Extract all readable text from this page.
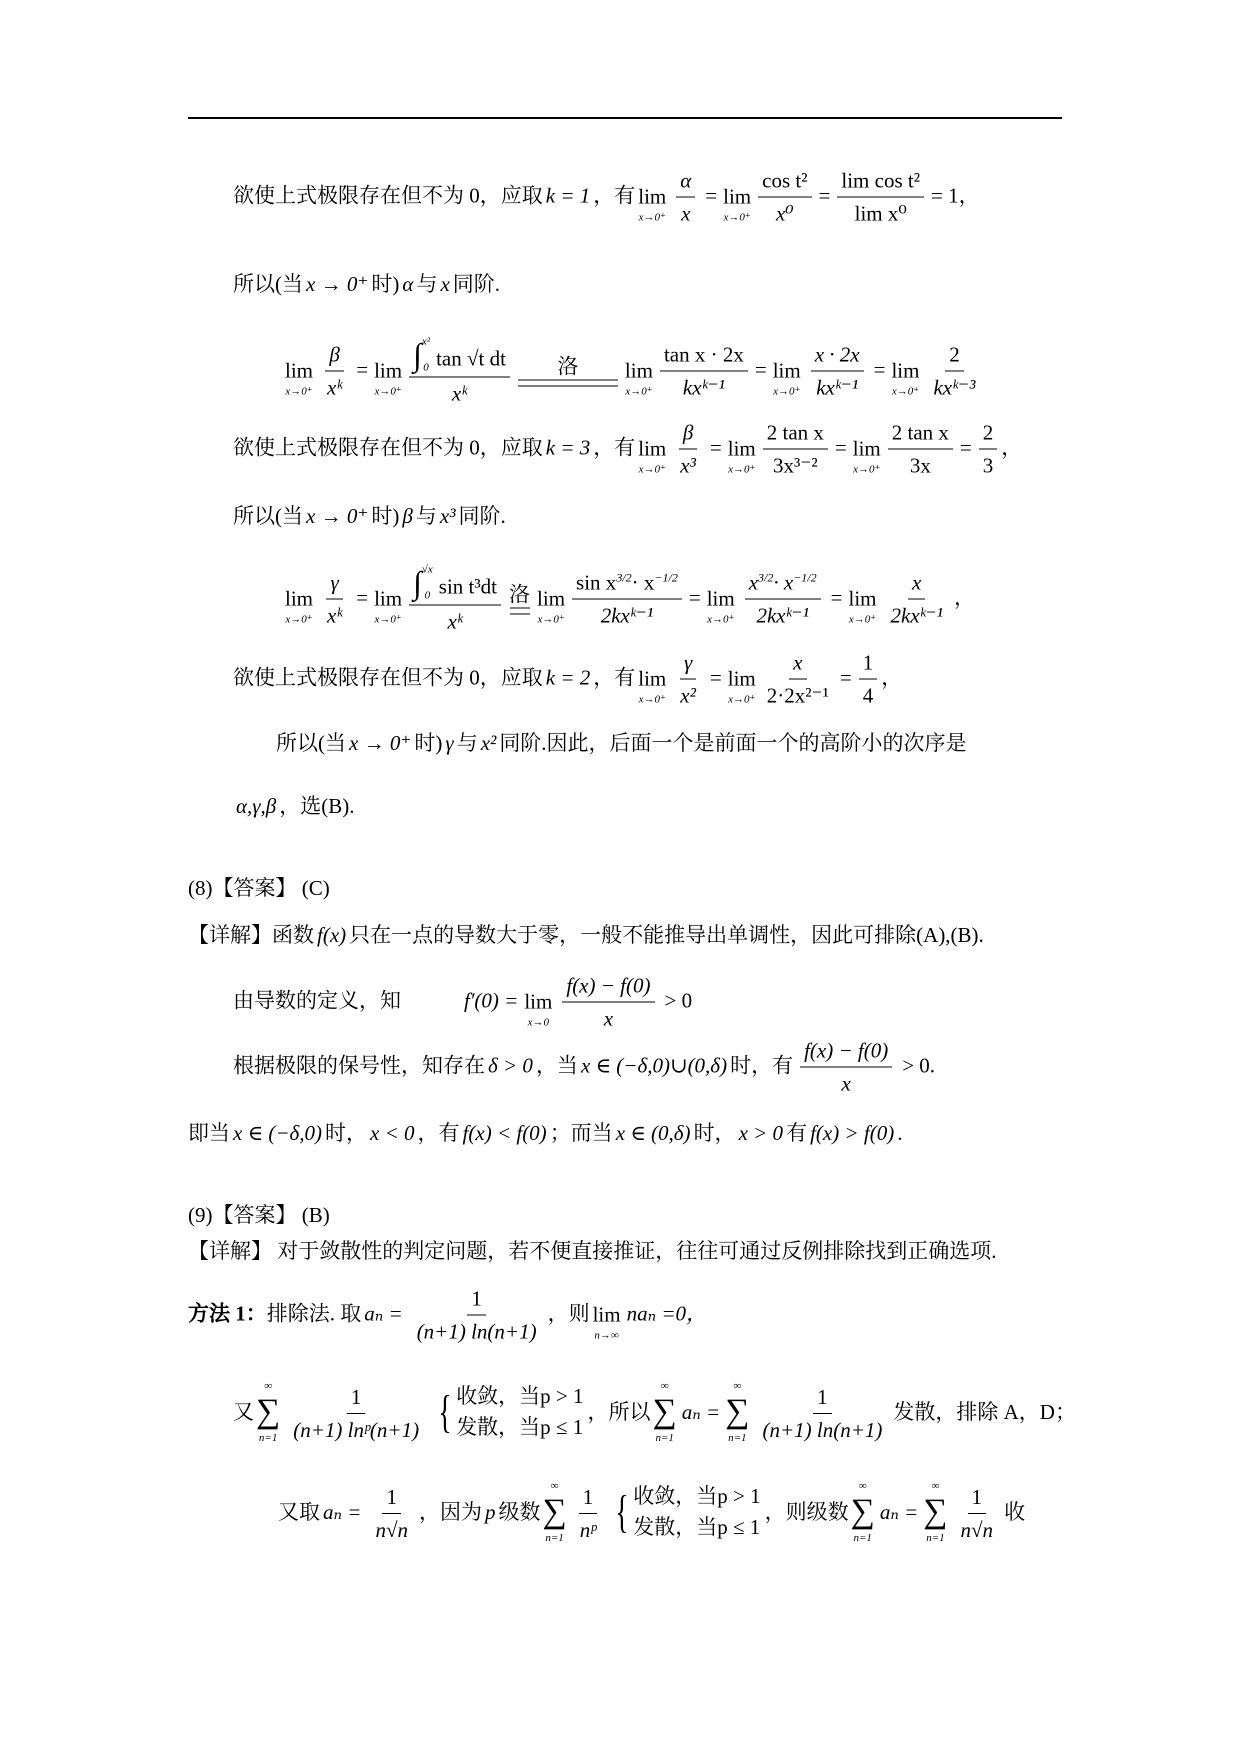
欲使上式极限存在但不为 0，应取 k = 1 ，有 lim
$x\to 0^+ \frac{\alpha}{x} = \lim$
$x\to 0^+ \frac{\text{cos t²}}{\text{x⁰}} = \frac{\text{lim cos t²}}{\text{lim x⁰}} = 1$，
所以(当 x → 0⁺ 时) α 与 x 同阶.
lim
$x\to 0^+ \frac{\beta}{\text{xᵏ}} = \lim$
x→0⁺ ∫ x²
0 tan √t dt
xᵏ 洛 lim
$x\to 0^+ \frac{\text{tan x · 2x}}{\text{kxᵏ⁻¹}} = \lim$
$x\to 0^+ \frac{x \cdot 2x}{\text{kxᵏ⁻¹}} = \lim$
$x\to 0^+ \frac{2}{\text{kxᵏ⁻³}}$
欲使上式极限存在但不为 0，应取 k = 3 ，有 lim
$x\to 0^+ \frac{\beta}{\text{x³}} = \lim$
$x\to 0^+ \frac{\text{2 tan x}}{\text{3x³⁻²}} = \lim$
$x\to 0^+ \frac{\text{2 tan x}}{3x} = \frac{2}{3}$ ，
所以(当 x → 0⁺ 时) β 与 x³ 同阶.
lim
$x\to 0^+ \frac{\gamma}{\text{xᵏ}} = \lim$
x→0⁺ ∫ √x
0 sin t³dt
xᵏ 洛 lim
$x\to 0^+ \frac{\sin x^{3/2}\cdot x^{-1/2}}{\text{2kxᵏ⁻¹}} = \lim$
$x\to 0^+ \frac{x^{3/2}\cdot x^{-1/2}}{\text{2kxᵏ⁻¹}} = \lim$
$x\to 0^+ \frac{x}{\text{2kxᵏ⁻¹}}$ ，
欲使上式极限存在但不为 0，应取 k = 2 ，有 lim
$x\to 0^+ \frac{\gamma}{\text{x²}} = \lim$
$x\to 0^+ \frac{x}{\text{2·2x²⁻¹}} = \frac{1}{4}$ ，
所以(当 x → 0⁺ 时) γ 与 x² 同阶.因此，后面一个是前面一个的高阶小的次序是
α,γ,β ，选(B).
(8)【答案】 (C)
【详解】函数 f(x) 只在一点的导数大于零，一般不能推导出单调性，因此可排除(A),(B).
由导数的定义，知	f′(0) = lim
$x\to 0 \frac{f(x) - f(0)}{x} > 0$
根据极限的保号性，知存在 δ > 0 ，当 x ∈ (−δ,0)∪(0,δ) 时，有 $\frac{f(x) - f(0)}{x} > 0$.
即当 x ∈ (−δ,0) 时， x < 0 ，有 f(x) < f(0) ；而当 x ∈ (0,δ) 时， x > 0 有 f(x) > f(0) .
(9)【答案】 (B)
【详解】 对于敛散性的判定问题，若不便直接推证，往往可通过反例排除找到正确选项.
方法 1： 排除法. 取 $a_n = \frac{1}{(n+1) \ln(n+1)}$ ，则 lim
n→∞
naₙ =0，
又
∞
∑
$n=1 \frac{1}{\text{(n+1) lnᵖ(n+1)}}$ { 收敛，当p > 1
发散，当p ≤ 1
，所以
∞
∑
n=1
aₙ =
∞
∑
$n=1 \frac{1}{(n+1) \ln(n+1)}$ 发散，排除 A，D；
又取 $a_n = \frac{1}{n√n}$ ，因为 p 级数
∞
∑
$n=1 \frac{1}{\text{nᵖ}}$ { 收敛，当p > 1
发散，当p ≤ 1
，则级数
∞
∑
n=1
aₙ =
∞
∑
$n=1 \frac{1}{n√n}$ 收
